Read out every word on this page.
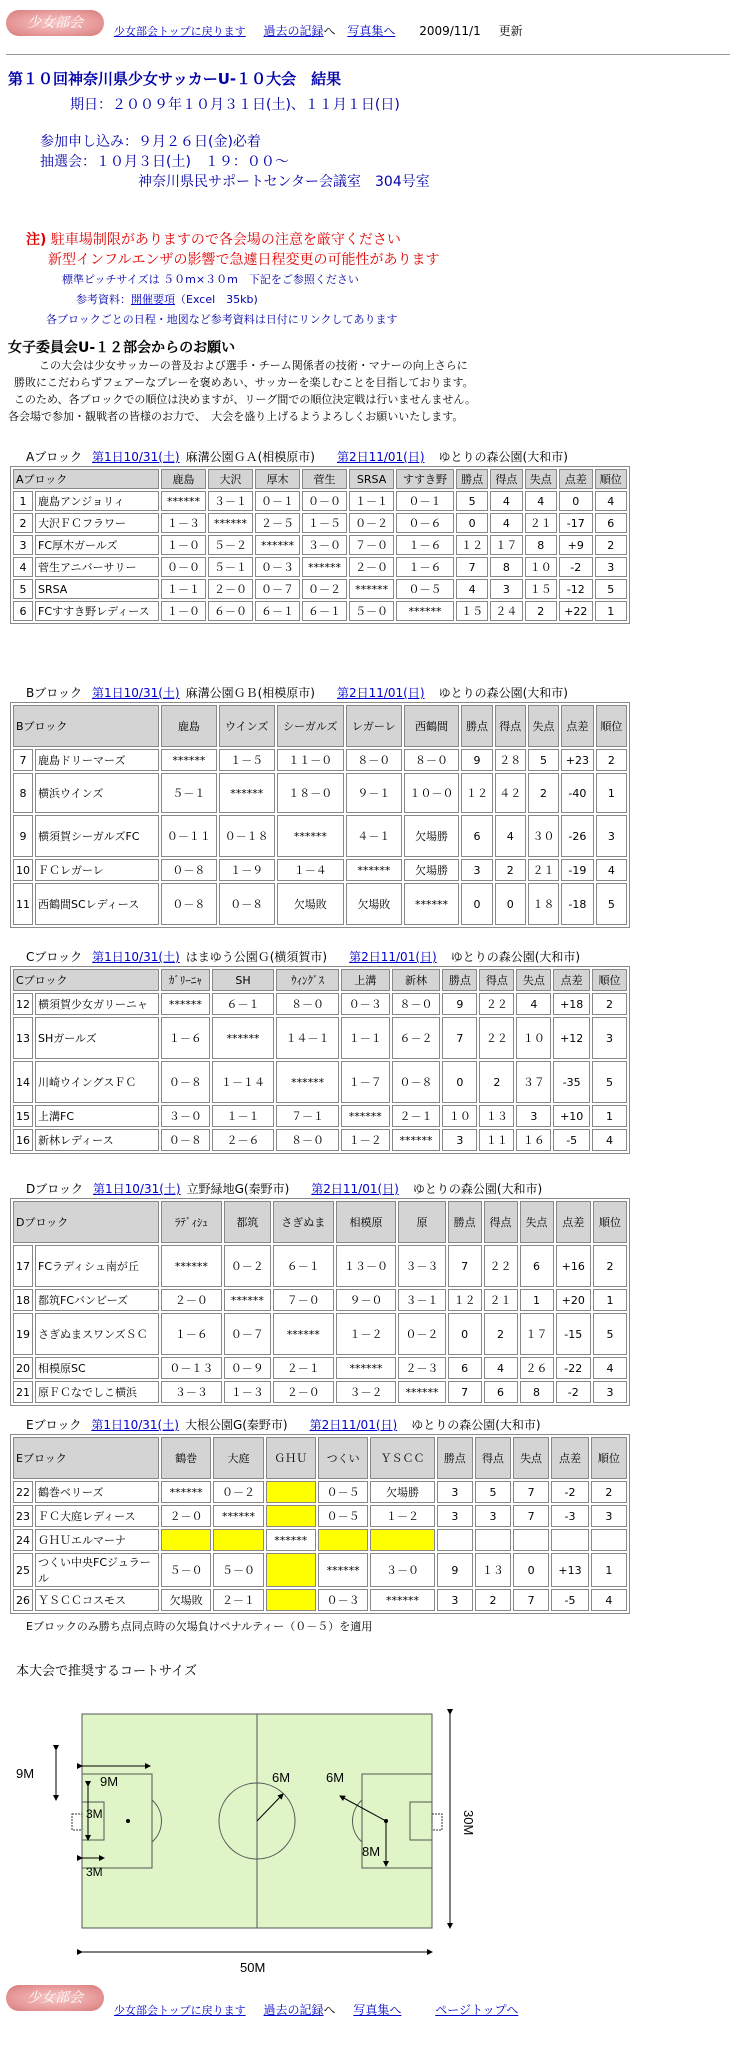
少女部会
少女部会トップに戻ります 過去の記録へ 写真集へ 2009/11/1 更新
第１０回神奈川県少女サッカーU-１０大会　結果
期日：２００９年１０月３１日(土)、１１月１日(日)
参加申し込み：９月２６日(金)必着
抽選会：１０月３日(土)　１９：００～
　　　　　　　神奈川県民サポートセンター会議室　304号室
注) 駐車場制限がありますので各会場の注意を厳守ください
新型インフルエンザの影響で急遽日程変更の可能性があります
標準ピッチサイズは ５０m×３０m　下記をご参照ください
参考資料：開催要項（Excel　35kb)
各ブロックごとの日程・地図など参考資料は日付にリンクしてあります
女子委員会U-１２部会からのお願い
　この大会は少女サッカーの普及および選手・チーム関係者の技術・マナーの向上さらに
勝敗にこだわらずフェアーなプレーを褒めあい、サッカーを楽しむことを目指しております。
このため、各ブロックでの順位は決めますが、リーグ間での順位決定戦は行いませんません。
各会場で参加・観戦者の皆様のお力で、　大会を盛り上げるようよろしくお願いいたします。
Aブロック 第1日10/31(土) 麻溝公園ＧＡ(相模原市) 第2日11/01(日) ゆとりの森公園(大和市)
Aブロック		鹿島	大沢	厚木	菅生	SRSA	すすき野	勝点	得点	失点	点差	順位
1	鹿島アンジョリィ	******	３－１	０－１	０－０	１－１	０－１	5	4	4	0	4
2	大沢ＦＣフラワー	１－３	******	２－５	１－５	０－２	０－６	0	4	２１	-17	6
3	FC厚木ガールズ	１－０	５－２	******	３－０	７－０	１－６	１２	１７	8	+9	2
4	菅生アニバーサリー	０－０	５－１	０－３	******	２－０	１－６	7	8	１０	-2	3
5	SRSA	１－１	２－０	０－７	０－２	******	０－５	4	3	１５	-12	5
6	FCすすき野レディース	１－０	６－０	６－１	６－１	５－０	******	１５	２４	2	+22	1
Bブロック 第1日10/31(土) 麻溝公園ＧＢ(相模原市) 第2日11/01(日) ゆとりの森公園(大和市)
Bブロック		鹿島	ウインズ	シーガルズ	レガーレ	西鶴間	勝点	得点	失点	点差	順位
7	鹿島ドリーマーズ	******	１－５	１１－０	８－０	８－０	9	２８	5	+23	2
8	横浜ウインズ	５－１	******	１８－０	９－１	１０－０	１２	４２	2	-40	1
9	横須賀シーガルズFC	０－１１	０－１８	******	４－１	欠場勝	6	4	３０	-26	3
10	ＦＣレガーレ	０－８	１－９	１－４	******	欠場勝	3	2	２１	-19	4
11	西鶴間SCレディース	０－８	０－８	欠場敗	欠場敗	******	0	0	１８	-18	5
Cブロック 第1日10/31(土) はまゆう公園Ｇ(横須賀市) 第2日11/01(日) ゆとりの森公園(大和市)
Cブロック		ｶﾞﾘｰﾆｬ	SH	ｳｨﾝｸﾞｽ	上溝	新林	勝点	得点	失点	点差	順位
12	横須賀少女ガリーニャ	******	６－１	８－０	０－３	８－０	9	２２	4	+18	2
13	SHガールズ	１－６	******	１４－１	１－１	６－２	7	２２	１０	+12	3
14	川崎ウイングスＦＣ	０－８	１－１４	******	１－７	０－８	0	2	３７	-35	5
15	上溝FC	３－０	１－１	７－１	******	２－１	１０	１３	3	+10	1
16	新林レディース	０－８	２－６	８－０	１－２	******	3	１１	１６	-5	4
Dブロック 第1日10/31(土) 立野緑地G(秦野市) 第2日11/01(日) ゆとりの森公園(大和市)
Dブロック		ﾗﾃﾞｨｼｭ	都筑	さぎぬま	相模原	原	勝点	得点	失点	点差	順位
17	FCラディシュ南が丘	******	０－２	６－１	１３－０	３－３	7	２２	6	+16	2
18	都筑FCバンビーズ	２－０	******	７－０	９－０	３－１	１２	２１	1	+20	1
19	さぎぬまスワンズＳＣ	１－６	０－７	******	１－２	０－２	0	2	１７	-15	5
20	相模原SC	０－１３	０－９	２－１	******	２－３	6	4	２６	-22	4
21	原ＦＣなでしこ横浜	３－３	１－３	２－０	３－２	******	7	6	8	-2	3
Eブロック 第1日10/31(土) 大根公園G(秦野市) 第2日11/01(日) ゆとりの森公園(大和市)
Eブロック		鶴巻	大庭	ＧＨＵ	つくい	ＹＳＣＣ	勝点	得点	失点	点差	順位
22	鶴巻ベリーズ	******	０－２		０－５	欠場勝	3	5	7	-2	2
23	ＦＣ大庭レディース	２－０	******		０－５	１－２	3	3	7	-3	3
24	ＧＨＵエルマーナ			******							
25	つくい中央FCジュラール	５－０	５－０		******	３－０	9	１３	0	+13	1
26	ＹＳＣＣコスモス	欠場敗	２－１		０－３	******	3	2	7	-5	4
Eブロックのみ勝ち点同点時の欠場負けペナルティー（０－５）を適用
本大会で推奨するコートサイズ
9M
9M
3M
3M
6M	6M
8M
30M
50M
少女部会
少女部会トップに戻ります 過去の記録へ 写真集へ	ページトップへ
